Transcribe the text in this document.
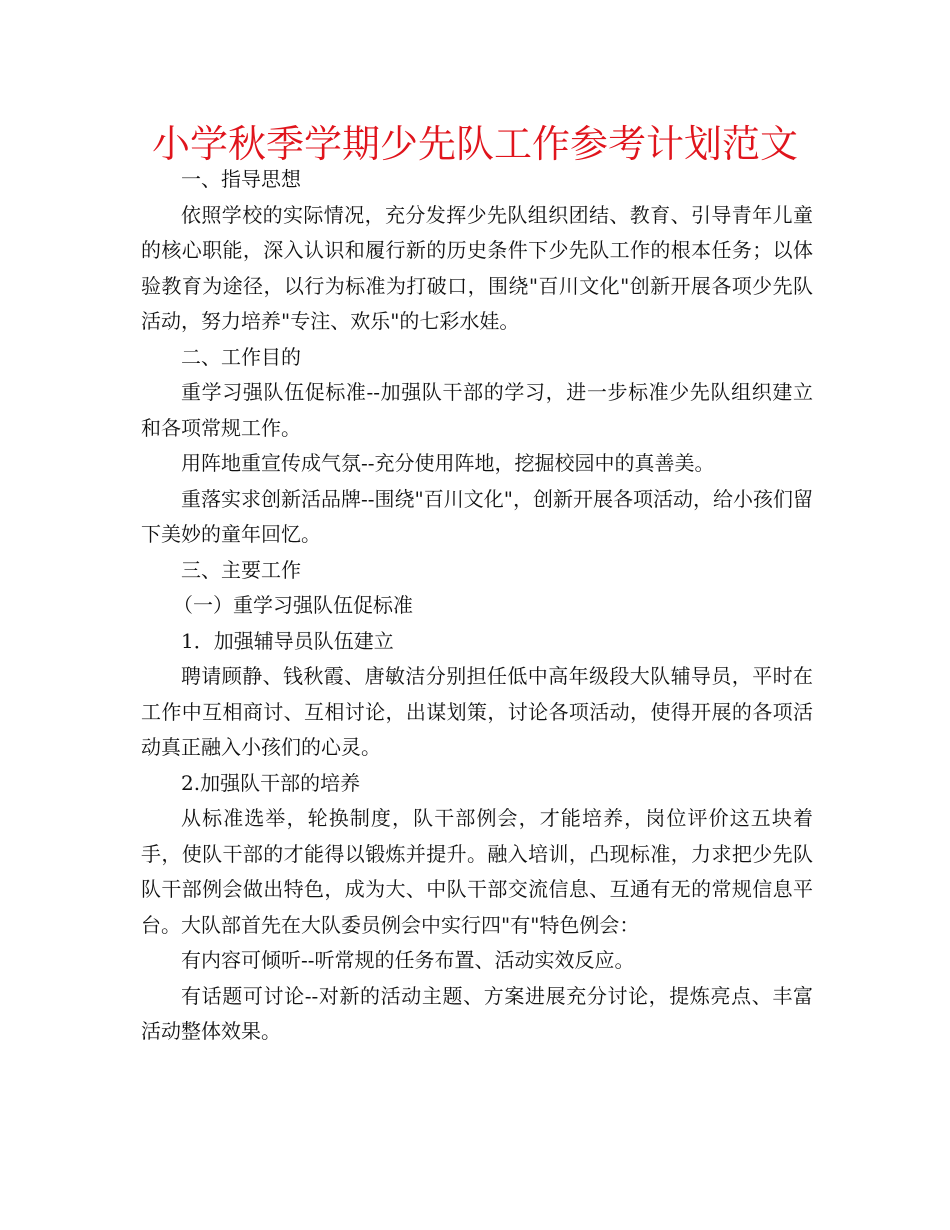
小学秋季学期少先队工作参考计划范文

一、指导思想

依照学校的实际情况，充分发挥少先队组织团结、教育、引导青年儿童的核心职能，深入认识和履行新的历史条件下少先队工作的根本任务；以体验教育为途径，以行为标准为打破口，围绕"百川文化"创新开展各项少先队活动，努力培养"专注、欢乐"的七彩水娃。

二、工作目的

重学习强队伍促标准--加强队干部的学习，进一步标准少先队组织建立和各项常规工作。

用阵地重宣传成气氛--充分使用阵地，挖掘校园中的真善美。

重落实求创新活品牌--围绕"百川文化"，创新开展各项活动，给小孩们留下美妙的童年回忆。

三、主要工作

（一）重学习强队伍促标准

1．加强辅导员队伍建立

聘请顾静、钱秋霞、唐敏洁分别担任低中高年级段大队辅导员，平时在工作中互相商讨、互相讨论，出谋划策，讨论各项活动，使得开展的各项活动真正融入小孩们的心灵。

2.加强队干部的培养

从标准选举，轮换制度，队干部例会，才能培养，岗位评价这五块着手，使队干部的才能得以锻炼并提升。融入培训，凸现标准，力求把少先队队干部例会做出特色，成为大、中队干部交流信息、互通有无的常规信息平台。大队部首先在大队委员例会中实行四"有"特色例会：

有内容可倾听--听常规的任务布置、活动实效反应。

有话题可讨论--对新的活动主题、方案进展充分讨论，提炼亮点、丰富活动整体效果。
